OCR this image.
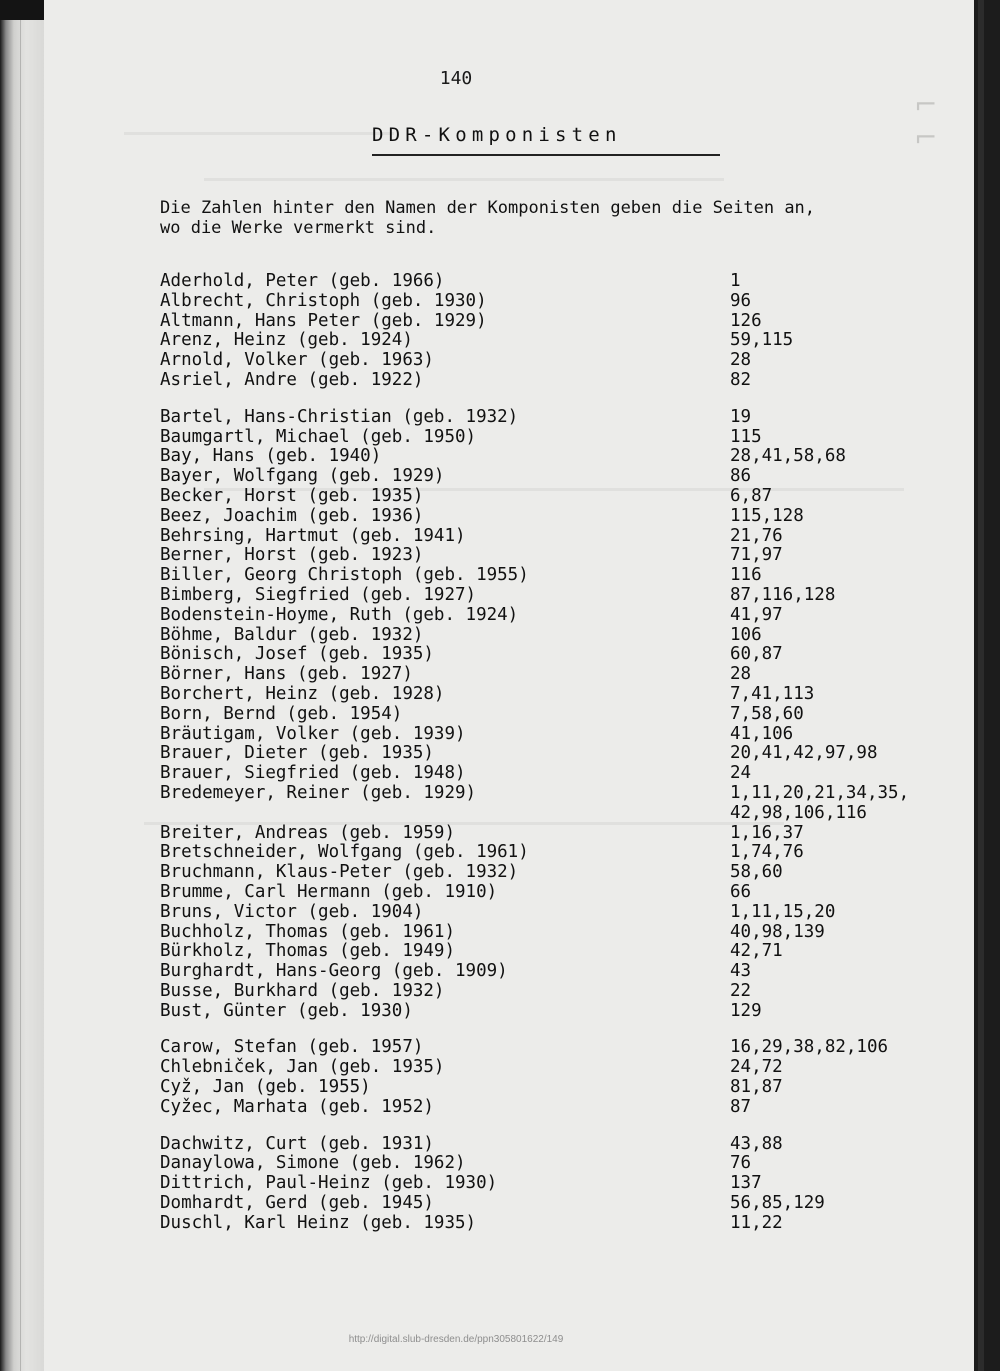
⌐ ⌐
140
DDR-Komponisten
Die Zahlen hinter den Namen der Komponisten geben die Seiten an,
wo die Werke vermerkt sind.
Aderhold, Peter (geb. 1966)	1
Albrecht, Christoph (geb. 1930)	96
Altmann, Hans Peter (geb. 1929)	126
Arenz, Heinz (geb. 1924)	59,115
Arnold, Volker (geb. 1963)	28
Asriel, Andre (geb. 1922)	82
Bartel, Hans-Christian (geb. 1932)	19
Baumgartl, Michael (geb. 1950)	115
Bay, Hans (geb. 1940)	28,41,58,68
Bayer, Wolfgang (geb. 1929)	86
Becker, Horst (geb. 1935)	6,87
Beez, Joachim (geb. 1936)	115,128
Behrsing, Hartmut (geb. 1941)	21,76
Berner, Horst (geb. 1923)	71,97
Biller, Georg Christoph (geb. 1955)	116
Bimberg, Siegfried (geb. 1927)	87,116,128
Bodenstein-Hoyme, Ruth (geb. 1924)	41,97
Böhme, Baldur (geb. 1932)	106
Bönisch, Josef (geb. 1935)	60,87
Börner, Hans (geb. 1927)	28
Borchert, Heinz (geb. 1928)	7,41,113
Born, Bernd (geb. 1954)	7,58,60
Bräutigam, Volker (geb. 1939)	41,106
Brauer, Dieter (geb. 1935)	20,41,42,97,98
Brauer, Siegfried (geb. 1948)	24
Bredemeyer, Reiner (geb. 1929)	1,11,20,21,34,35,
42,98,106,116
Breiter, Andreas (geb. 1959)	1,16,37
Bretschneider, Wolfgang (geb. 1961)	1,74,76
Bruchmann, Klaus-Peter (geb. 1932)	58,60
Brumme, Carl Hermann (geb. 1910)	66
Bruns, Victor (geb. 1904)	1,11,15,20
Buchholz, Thomas (geb. 1961)	40,98,139
Bürkholz, Thomas (geb. 1949)	42,71
Burghardt, Hans-Georg (geb. 1909)	43
Busse, Burkhard (geb. 1932)	22
Bust, Günter (geb. 1930)	129
Carow, Stefan (geb. 1957)	16,29,38,82,106
Chlebniček, Jan (geb. 1935)	24,72
Cyž, Jan (geb. 1955)	81,87
Cyžec, Marhata (geb. 1952)	87
Dachwitz, Curt (geb. 1931)	43,88
Danaylowa, Simone (geb. 1962)	76
Dittrich, Paul-Heinz (geb. 1930)	137
Domhardt, Gerd (geb. 1945)	56,85,129
Duschl, Karl Heinz (geb. 1935)	11,22
http://digital.slub-dresden.de/ppn305801622/149
